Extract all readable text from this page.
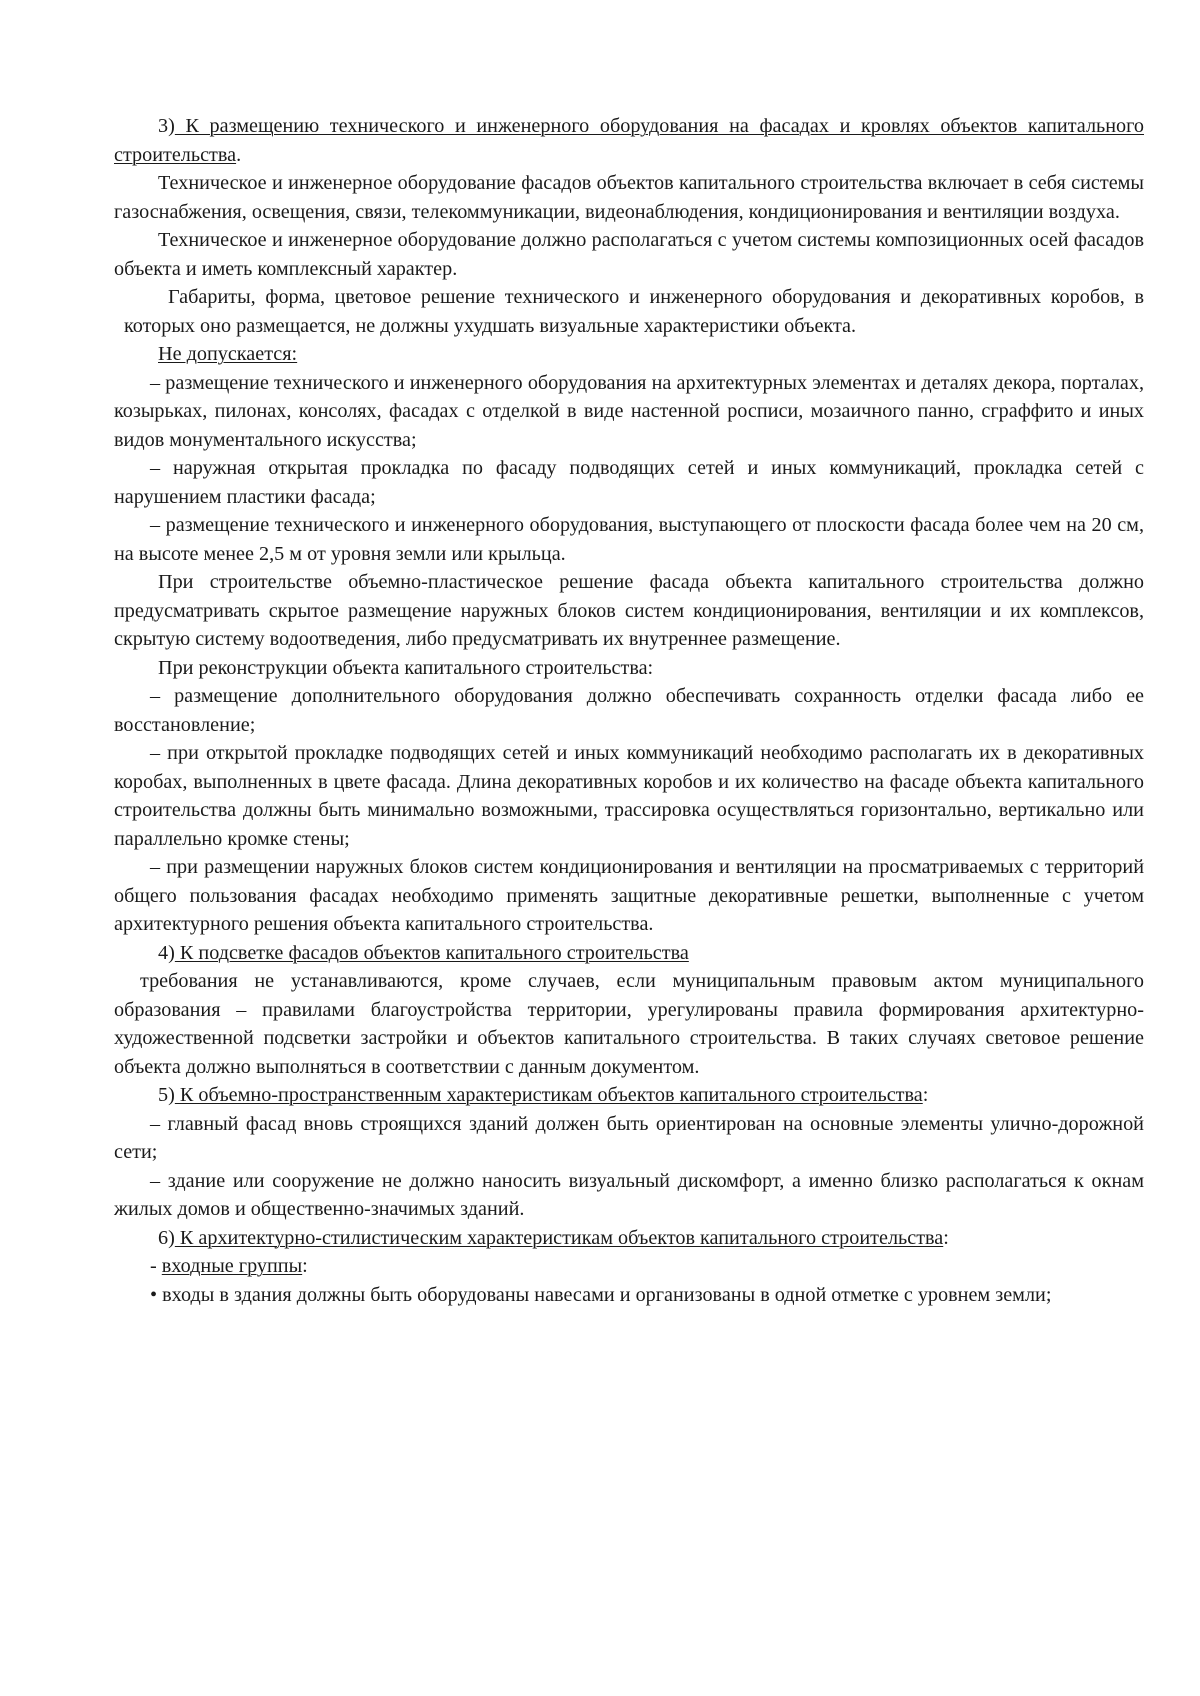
3) К размещению технического и инженерного оборудования на фасадах и кровлях объектов капитального строительства.

Техническое и инженерное оборудование фасадов объектов капитального строительства включает в себя системы газоснабжения, освещения, связи, телекоммуникации, видеонаблюдения, кондиционирования и вентиляции воздуха.

Техническое и инженерное оборудование должно располагаться с учетом системы композиционных осей фасадов объекта и иметь комплексный характер.

Габариты, форма, цветовое решение технического и инженерного оборудования и декоративных коробов, в которых оно размещается, не должны ухудшать визуальные характеристики объекта.

Не допускается:

– размещение технического и инженерного оборудования на архитектурных элементах и деталях декора, порталах, козырьках, пилонах, консолях, фасадах с отделкой в виде настенной росписи, мозаичного панно, сграффито и иных видов монументального искусства;

– наружная открытая прокладка по фасаду подводящих сетей и иных коммуникаций, прокладка сетей с нарушением пластики фасада;

– размещение технического и инженерного оборудования, выступающего от плоскости фасада более чем на 20 см, на высоте менее 2,5 м от уровня земли или крыльца.

При строительстве объемно-пластическое решение фасада объекта капитального строительства должно предусматривать скрытое размещение наружных блоков систем кондиционирования, вентиляции и их комплексов, скрытую систему водоотведения, либо предусматривать их внутреннее размещение.

При реконструкции объекта капитального строительства:

– размещение дополнительного оборудования должно обеспечивать сохранность отделки фасада либо ее восстановление;

– при открытой прокладке подводящих сетей и иных коммуникаций необходимо располагать их в декоративных коробах, выполненных в цвете фасада. Длина декоративных коробов и их количество на фасаде объекта капитального строительства должны быть минимально возможными, трассировка осуществляться горизонтально, вертикально или параллельно кромке стены;

– при размещении наружных блоков систем кондиционирования и вентиляции на просматриваемых с территорий общего пользования фасадах необходимо применять защитные декоративные решетки, выполненные с учетом архитектурного решения объекта капитального строительства.

4) К подсветке фасадов объектов капитального строительства

требования не устанавливаются, кроме случаев, если муниципальным правовым актом муниципального образования – правилами благоустройства территории, урегулированы правила формирования архитектурно-художественной подсветки застройки и объектов капитального строительства. В таких случаях световое решение объекта должно выполняться в соответствии с данным документом.

5) К объемно-пространственным характеристикам объектов капитального строительства:

– главный фасад вновь строящихся зданий должен быть ориентирован на основные элементы улично-дорожной сети;

– здание или сооружение не должно наносить визуальный дискомфорт, а именно близко располагаться к окнам жилых домов и общественно-значимых зданий.

6) К архитектурно-стилистическим характеристикам объектов капитального строительства:

- входные группы:

• входы в здания должны быть оборудованы навесами и организованы в одной отметке с уровнем земли;
